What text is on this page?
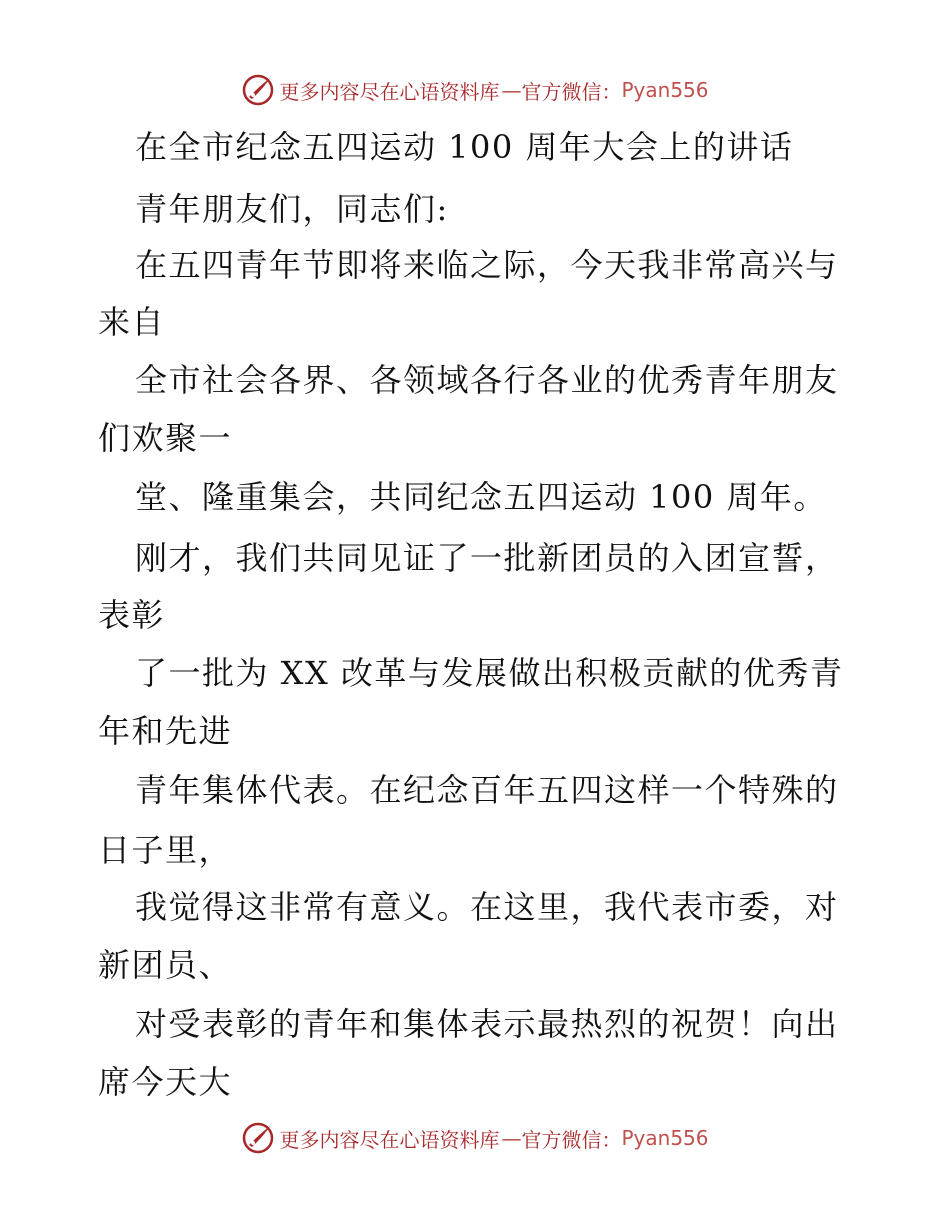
更多内容尽在心语资料库 — 官方微信： Pyan556
在全市纪念五四运动 100 周年大会上的讲话
青年朋友们，同志们:
在五四青年节即将来临之际，今天我非常高兴与
来自
全市社会各界、各领域各行各业的优秀青年朋友
们欢聚一
堂、隆重集会，共同纪念五四运动 100 周年。
刚才，我们共同见证了一批新团员的入团宣誓，
表彰
了一批为 XX 改革与发展做出积极贡献的优秀青
年和先进
青年集体代表。在纪念百年五四这样一个特殊的
日子里，
我觉得这非常有意义。在这里，我代表市委，对
新团员、
对受表彰的青年和集体表示最热烈的祝贺！向出
席今天大
更多内容尽在心语资料库 — 官方微信： Pyan556
